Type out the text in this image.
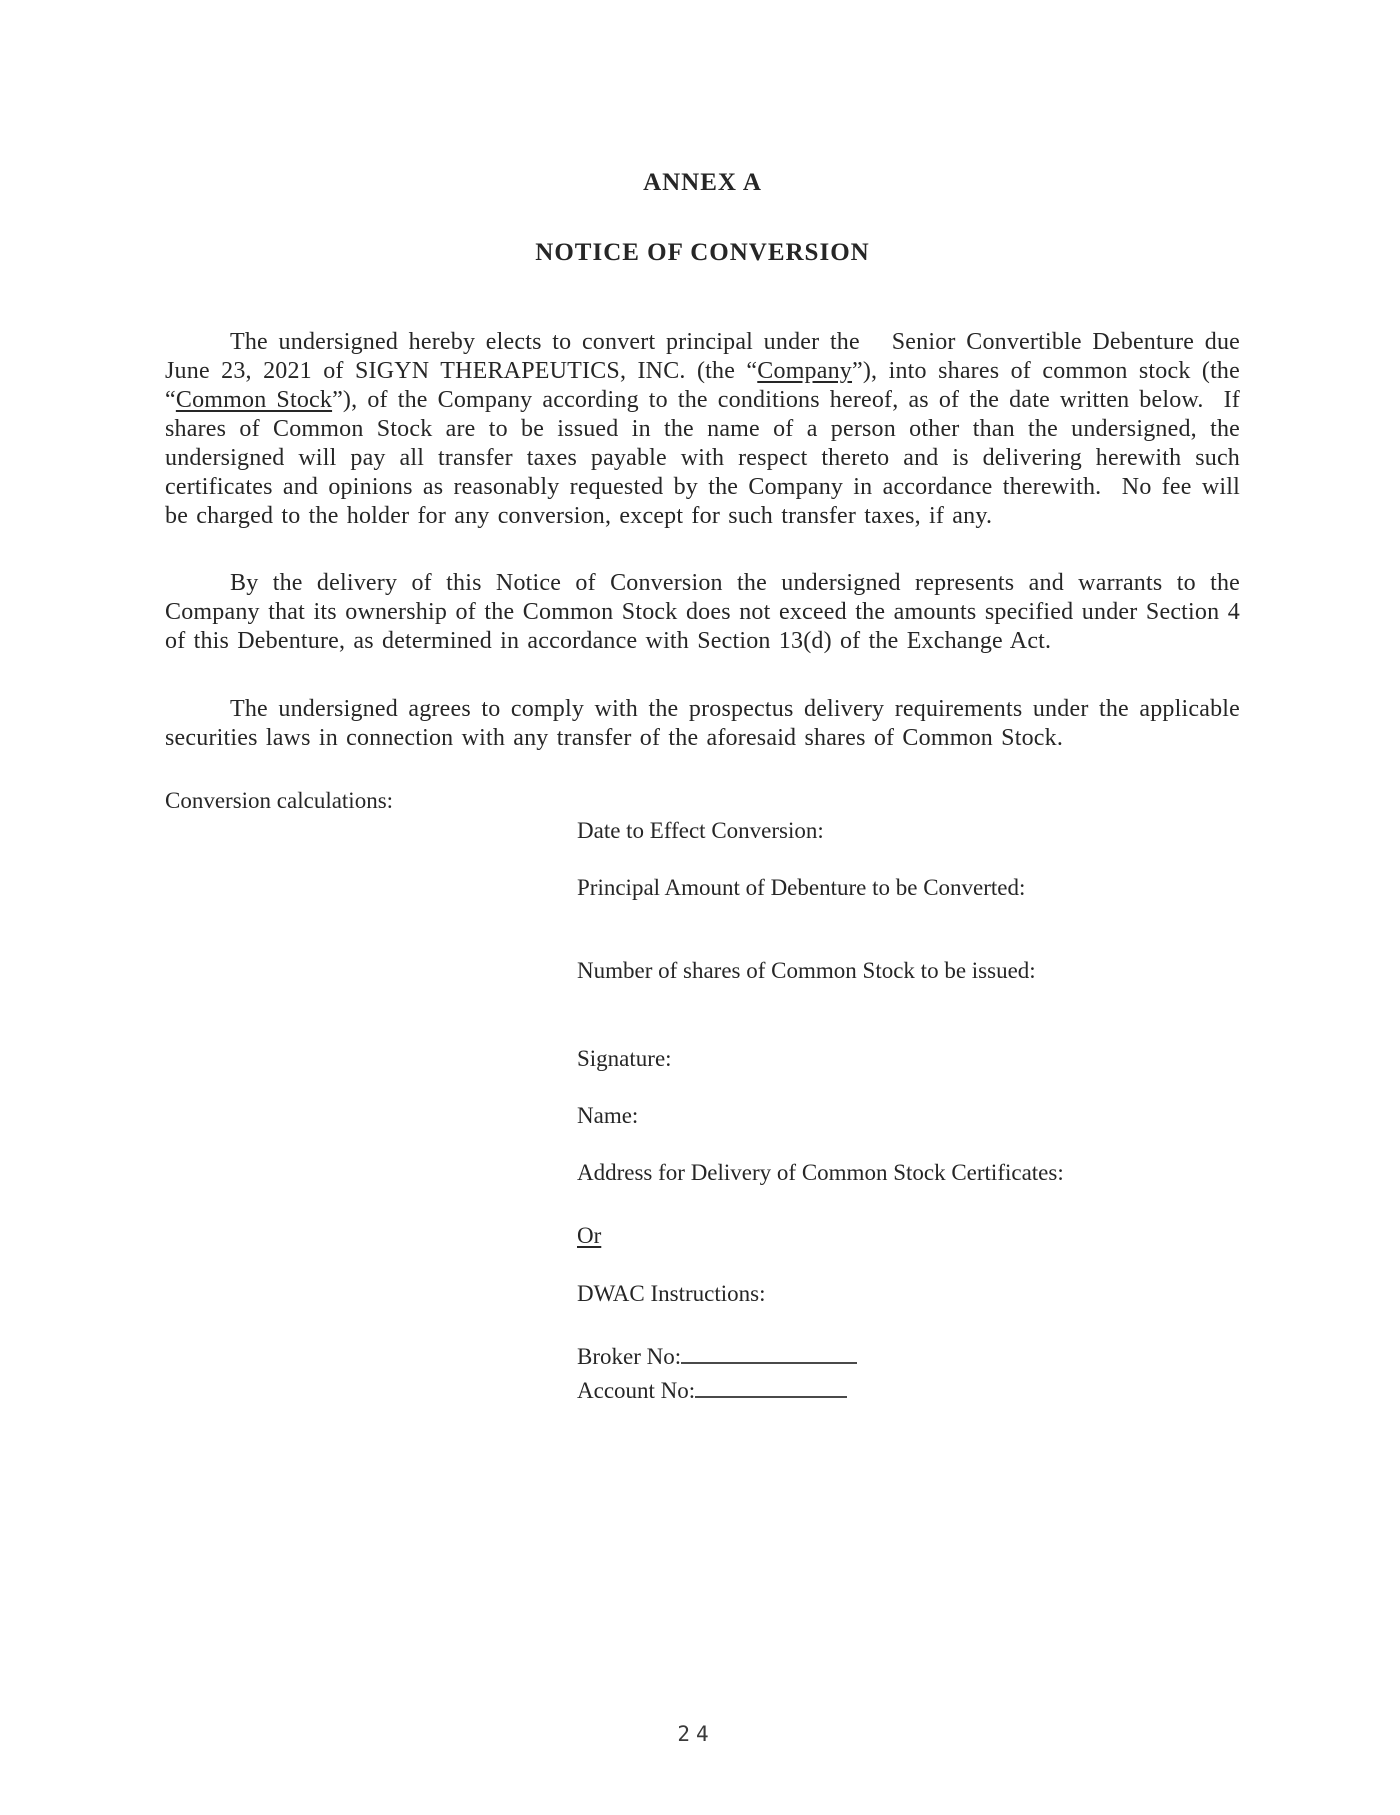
ANNEX A
NOTICE OF CONVERSION

The undersigned hereby elects to convert principal under the   Senior Convertible Debenture due June 23, 2021 of SIGYN THERAPEUTICS, INC. (the “Company”), into shares of common stock (the “Common Stock”), of the Company according to the conditions hereof, as of the date written below.  If shares of Common Stock are to be issued in the name of a person other than the undersigned, the undersigned will pay all transfer taxes payable with respect thereto and is delivering herewith such certificates and opinions as reasonably requested by the Company in accordance therewith.  No fee will be charged to the holder for any conversion, except for such transfer taxes, if any.

By the delivery of this Notice of Conversion the undersigned represents and warrants to the Company that its ownership of the Common Stock does not exceed the amounts specified under Section 4 of this Debenture, as determined in accordance with Section 13(d) of the Exchange Act.

The undersigned agrees to comply with the prospectus delivery requirements under the applicable securities laws in connection with any transfer of the aforesaid shares of Common Stock.

Conversion calculations:
Date to Effect Conversion:
Principal Amount of Debenture to be Converted:
Number of shares of Common Stock to be issued:
Signature:
Name:
Address for Delivery of Common Stock Certificates:
Or
DWAC Instructions:
Broker No:
Account No:
24
